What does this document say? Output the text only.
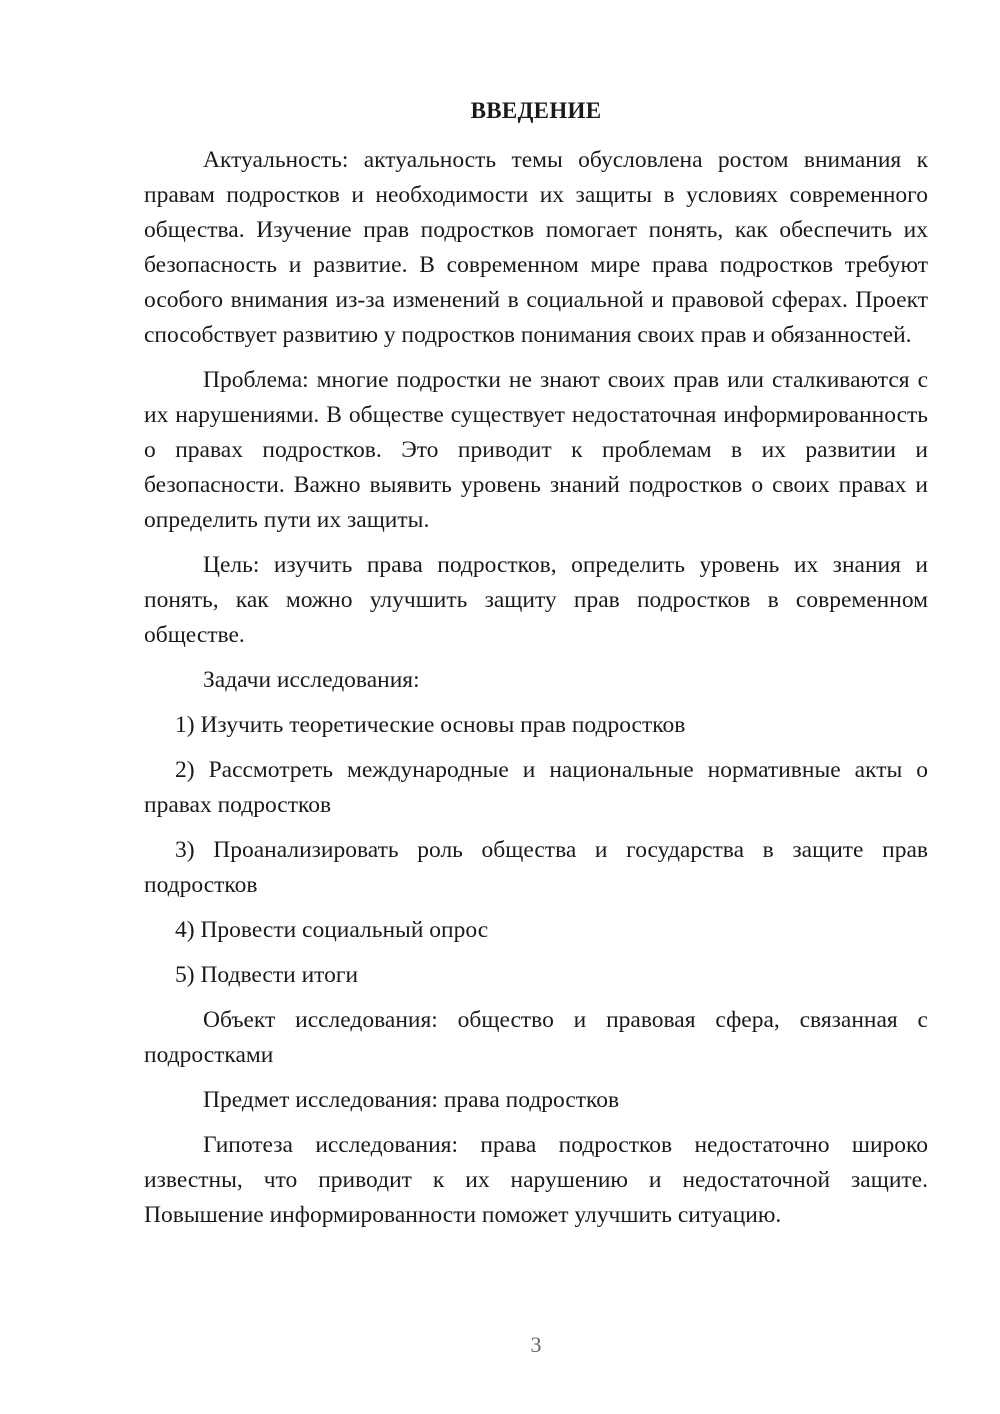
ВВЕДЕНИЕ

Актуальность: актуальность темы обусловлена ростом внимания к правам подростков и необходимости их защиты в условиях современного общества. Изучение прав подростков помогает понять, как обеспечить их безопасность и развитие. В современном мире права подростков требуют особого внимания из-за изменений в социальной и правовой сферах. Проект способствует развитию у подростков понимания своих прав и обязанностей.

Проблема: многие подростки не знают своих прав или сталкиваются с их нарушениями. В обществе существует недостаточная информированность о правах подростков. Это приводит к проблемам в их развитии и безопасности. Важно выявить уровень знаний подростков о своих правах и определить пути их защиты.

Цель: изучить права подростков, определить уровень их знания и понять, как можно улучшить защиту прав подростков в современном обществе.

Задачи исследования:

1) Изучить теоретические основы прав подростков

2) Рассмотреть международные и национальные нормативные акты о правах подростков

3) Проанализировать роль общества и государства в защите прав подростков

4) Провести социальный опрос

5) Подвести итоги

Объект исследования: общество и правовая сфера, связанная с подростками

Предмет исследования: права подростков

Гипотеза исследования: права подростков недостаточно широко известны, что приводит к их нарушению и недостаточной защите. Повышение информированности поможет улучшить ситуацию.

3
